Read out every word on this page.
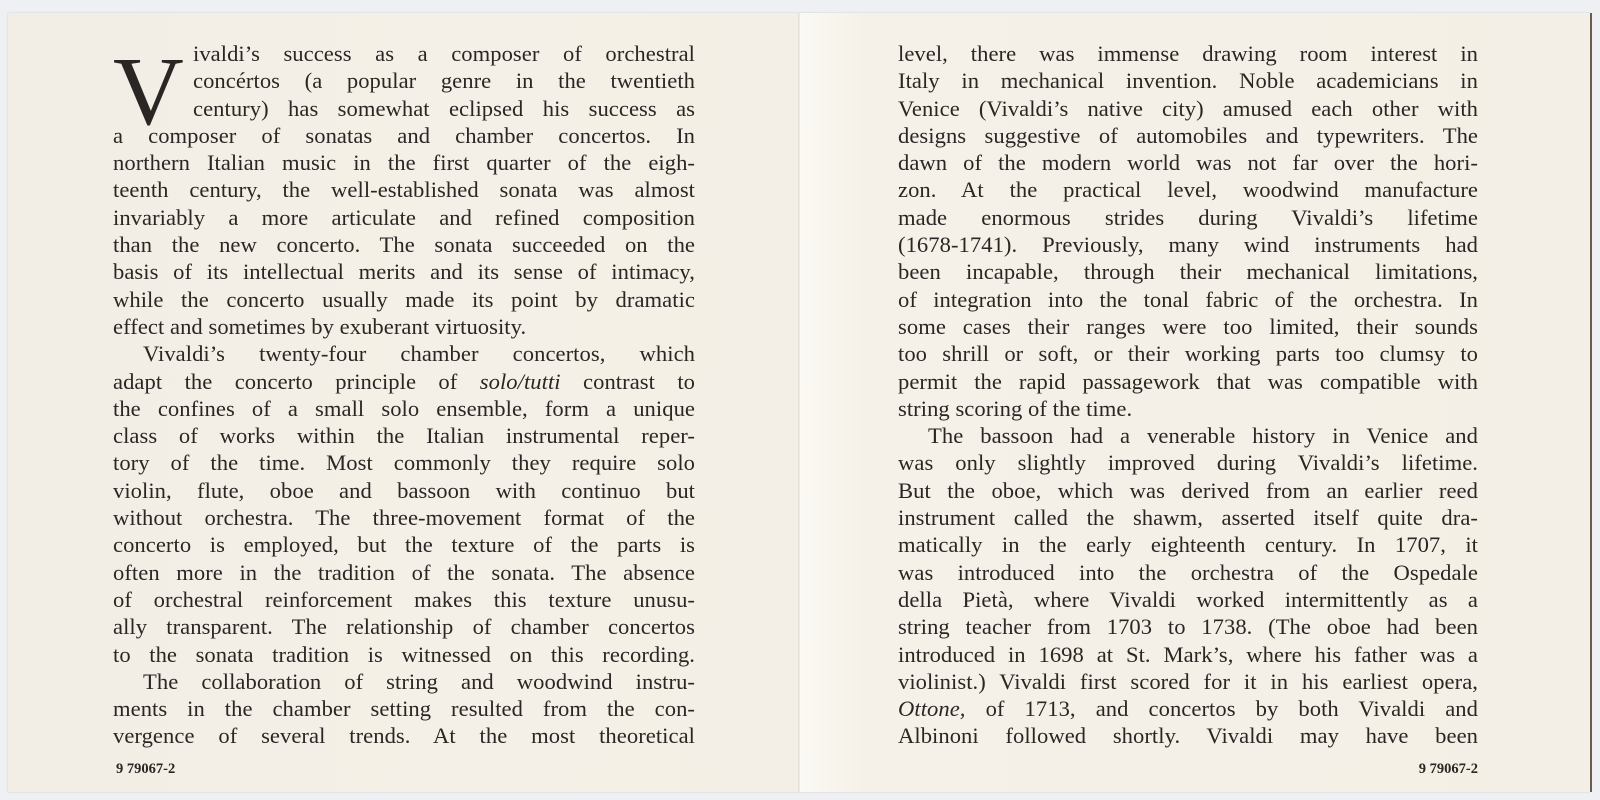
V ivaldi’s success as a composer of orchestral
concértos (a popular genre in the twentieth
century) has somewhat eclipsed his success as
a composer of sonatas and chamber concertos. In
northern Italian music in the first quarter of the eigh-
teenth century, the well-established sonata was almost
invariably a more articulate and refined composition
than the new concerto. The sonata succeeded on the
basis of its intellectual merits and its sense of intimacy,
while the concerto usually made its point by dramatic
effect and sometimes by exuberant virtuosity.
Vivaldi’s twenty-four chamber concertos, which
adapt the concerto principle of solo/tutti contrast to
the confines of a small solo ensemble, form a unique
class of works within the Italian instrumental reper-
tory of the time. Most commonly they require solo
violin, flute, oboe and bassoon with continuo but
without orchestra. The three-movement format of the
concerto is employed, but the texture of the parts is
often more in the tradition of the sonata. The absence
of orchestral reinforcement makes this texture unusu-
ally transparent. The relationship of chamber concertos
to the sonata tradition is witnessed on this recording.
The collaboration of string and woodwind instru-
ments in the chamber setting resulted from the con-
vergence of several trends. At the most theoretical
9 79067-2
level, there was immense drawing room interest in
Italy in mechanical invention. Noble academicians in
Venice (Vivaldi’s native city) amused each other with
designs suggestive of automobiles and typewriters. The
dawn of the modern world was not far over the hori-
zon. At the practical level, woodwind manufacture
made enormous strides during Vivaldi’s lifetime
(1678-1741). Previously, many wind instruments had
been incapable, through their mechanical limitations,
of integration into the tonal fabric of the orchestra. In
some cases their ranges were too limited, their sounds
too shrill or soft, or their working parts too clumsy to
permit the rapid passagework that was compatible with
string scoring of the time.
The bassoon had a venerable history in Venice and
was only slightly improved during Vivaldi’s lifetime.
But the oboe, which was derived from an earlier reed
instrument called the shawm, asserted itself quite dra-
matically in the early eighteenth century. In 1707, it
was introduced into the orchestra of the Ospedale
della Pietà, where Vivaldi worked intermittently as a
string teacher from 1703 to 1738. (The oboe had been
introduced in 1698 at St. Mark’s, where his father was a
violinist.) Vivaldi first scored for it in his earliest opera,
Ottone, of 1713, and concertos by both Vivaldi and
Albinoni followed shortly. Vivaldi may have been
9 79067-2
